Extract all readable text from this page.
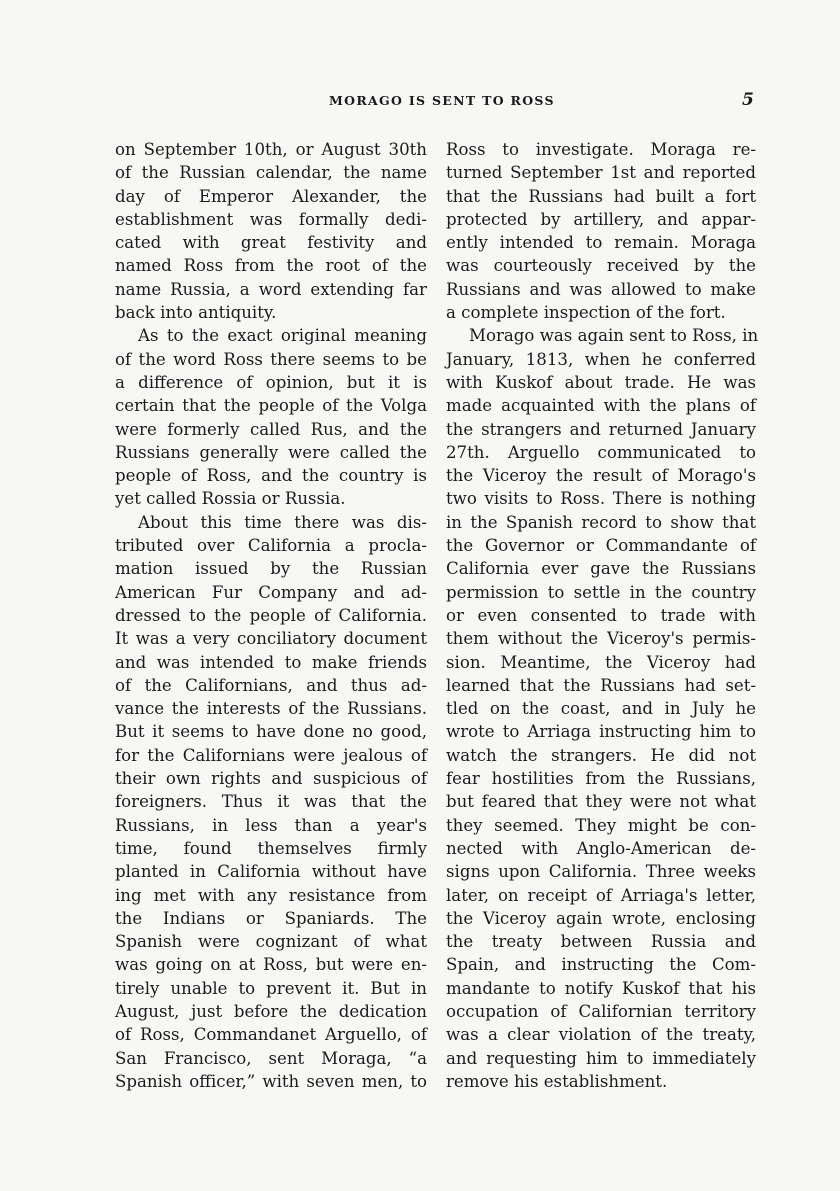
MORAGO IS SENT TO ROSS	5
on September 10th, or August 30th
of the Russian calendar, the name
day of Emperor Alexander, the
establishment was formally dedi-
cated with great festivity and
named Ross from the root of the
name Russia, a word extending far
back into antiquity.
As to the exact original meaning
of the word Ross there seems to be
a difference of opinion, but it is
certain that the people of the Volga
were formerly called Rus, and the
Russians generally were called the
people of Ross, and the country is
yet called Rossia or Russia.
About this time there was dis-
tributed over California a procla-
mation issued by the Russian
American Fur Company and ad-
dressed to the people of California.
It was a very conciliatory document
and was intended to make friends
of the Californians, and thus ad-
vance the interests of the Russians.
But it seems to have done no good,
for the Californians were jealous of
their own rights and suspicious of
foreigners. Thus it was that the
Russians, in less than a year's
time, found themselves firmly
planted in California without have
ing met with any resistance from
the Indians or Spaniards. The
Spanish were cognizant of what
was going on at Ross, but were en-
tirely unable to prevent it. But in
August, just before the dedication
of Ross, Commandanet Arguello, of
San Francisco, sent Moraga, “a
Spanish officer,” with seven men, to
Ross to investigate. Moraga re-
turned September 1st and reported
that the Russians had built a fort
protected by artillery, and appar-
ently intended to remain. Moraga
was courteously received by the
Russians and was allowed to make
a complete inspection of the fort.
Morago was again sent to Ross, in
January, 1813, when he conferred
with Kuskof about trade. He was
made acquainted with the plans of
the strangers and returned January
27th. Arguello communicated to
the Viceroy the result of Morago's
two visits to Ross. There is nothing
in the Spanish record to show that
the Governor or Commandante of
California ever gave the Russians
permission to settle in the country
or even consented to trade with
them without the Viceroy's permis-
sion. Meantime, the Viceroy had
learned that the Russians had set-
tled on the coast, and in July he
wrote to Arriaga instructing him to
watch the strangers. He did not
fear hostilities from the Russians,
but feared that they were not what
they seemed. They might be con-
nected with Anglo-American de-
signs upon California. Three weeks
later, on receipt of Arriaga's letter,
the Viceroy again wrote, enclosing
the treaty between Russia and
Spain, and instructing the Com-
mandante to notify Kuskof that his
occupation of Californian territory
was a clear violation of the treaty,
and requesting him to immediately
remove his establishment.
